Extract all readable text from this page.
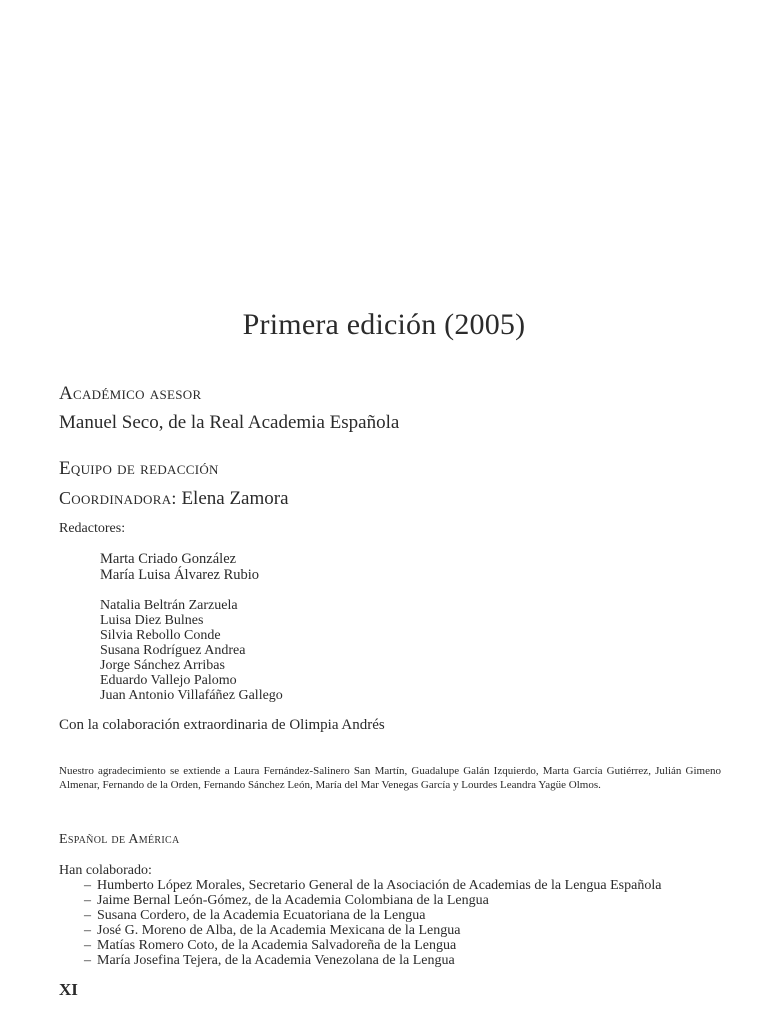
Primera edición (2005)
Académico asesor
Manuel Seco, de la Real Academia Española
Equipo de redacción
Coordinadora: Elena Zamora
Redactores:
Marta Criado González
María Luisa Álvarez Rubio
Natalia Beltrán Zarzuela
Luisa Diez Bulnes
Silvia Rebollo Conde
Susana Rodríguez Andrea
Jorge Sánchez Arribas
Eduardo Vallejo Palomo
Juan Antonio Villafáñez Gallego
Con la colaboración extraordinaria de Olimpia Andrés
Nuestro agradecimiento se extiende a Laura Fernández-Salinero San Martín, Guadalupe Galán Izquierdo, Marta García Gutiérrez, Julián Gimeno Almenar, Fernando de la Orden, Fernando Sánchez León, María del Mar Venegas García y Lourdes Leandra Yagüe Olmos.
Español de América
Han colaborado:
– Humberto López Morales, Secretario General de la Asociación de Academias de la Lengua Española
– Jaime Bernal León-Gómez, de la Academia Colombiana de la Lengua
– Susana Cordero, de la Academia Ecuatoriana de la Lengua
– José G. Moreno de Alba, de la Academia Mexicana de la Lengua
– Matías Romero Coto, de la Academia Salvadoreña de la Lengua
– María Josefina Tejera, de la Academia Venezolana de la Lengua
XI
